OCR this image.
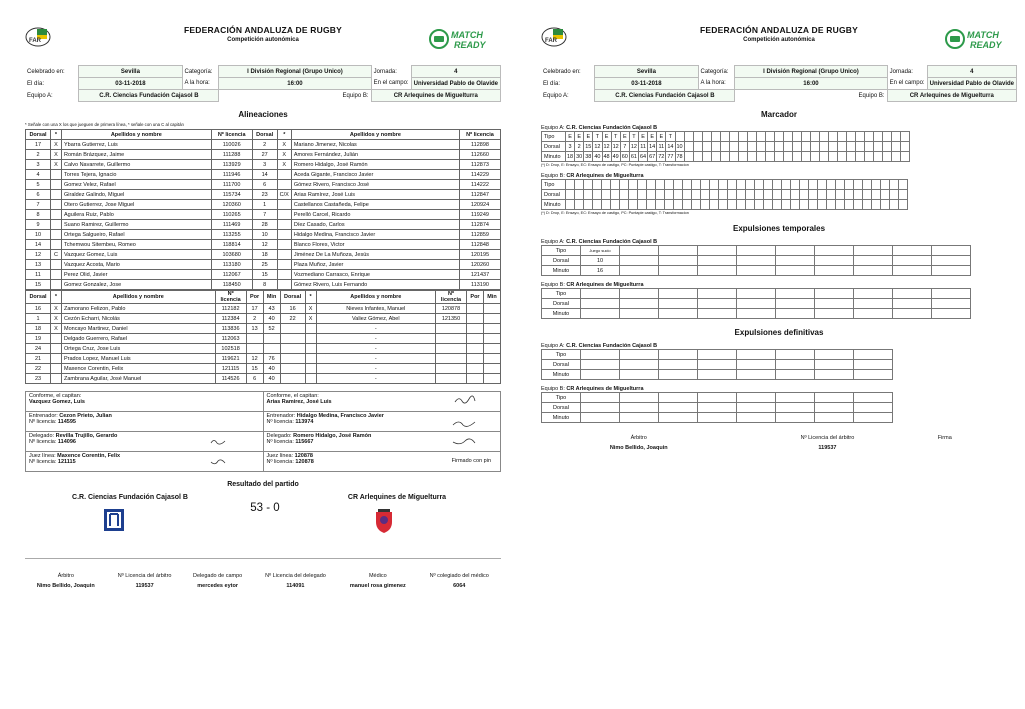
FAR
FEDERACIÓN ANDALUZA DE RUGBY
Competición autonómica	MATCH
READY
Celebrado en:	Sevilla	Categoría:	I División Regional (Grupo Unico)	Jornada:	4
El día:	03-11-2018	A la hora:	16:00	En el campo:	Universidad Pablo de Olavide
Equipo A:	C.R. Ciencias Fundación Cajasol B		Equipo B:	CR Arlequines de Miguelturra	
Alineaciones
* Señale con una X los que jueguen de primera línea, * señale con una C al capitán
Dorsal	*	Apellidos y nombre	Nº licencia	Dorsal	*	Apellidos y nombre	Nº licencia
17	X	Ybarra Gutierrez, Luis	110026	2	X	Mariano Jimenez, Nicolas	112898
2	X	Román Brázquez, Jaime	111288	27	X	Amores Fernández, Julián	112660
3	X	Calvo Navarrete, Guillermo	113929	3	X	Romero Hidalgo, José Ramón	112873
4		Torres Tejera, Ignacio	111946	14		Aceda Gigante, Francisco Javier	114229
5		Gomez Velez, Rafael	111700	6		Gómez Rivero, Francisco José	114222
6		Giraldez Galindo, Miguel	115734	23	C/X	Arias Ramírez, José Luis	112847
7		Otero Gutierrez, Jose Miguel	120360	1		Castellanos Castañeda, Felipe	120924
8		Aguilera Ruiz, Pablo	110265	7		Perelló Carcel, Ricardo	119249
9		Suano Ramirez, Guillermo	111469	28		Díez Casado, Carlos	112874
10		Ortega Salgueiro, Rafael	113255	10		Hidalgo Medina, Francisco Javier	112859
14		Tchemwou Sitembeu, Romeo	118814	12		Blanco Flores, Victor	112848
12	C	Vazquez Gomez, Luis	103680	18		Jiménez De La Muñoza, Jesús	120195
13		Vazquez Acosta, Mario	113180	25		Plaza Muñoz, Javier	120260
11		Perez Olid, Javier	112067	15		Vozmediano Carrasco, Enrique	121437
15		Gomez Gonzalez, Jose	118450	8		Gómez Rivero, Luis Fernando	113190
Dorsal	*	Apellidos y nombre	Nº licencia	Por	Min	Dorsal	*	Apellidos y nombre	Nº licencia	Por	Min
16	X	Zamorano Felizon, Pablo	112182	17	43	16	X	Nieves Infantes, Manuel	120878		
1	X	Cezón Echarri, Nicolás	112384	2	40	22	X	Valiez Gómez, Abel	121350		
18	X	Moncayo Martinez, Daniel	113836	13	52			-			
19		Delgado Guerrero, Rafael	112063					-			
24		Ortega Cruz, Jose Luis	102518					-			
21		Prados Lopez, Manuel Luis	119621	12	76			-			
22		Maxence Corentin, Felix	121115	15	40			-			
23		Zambrana Aguilar, José Manuel	114526	6	40			-			
Conforme, el capitan:
Vazquez Gomez, Luis	Conforme, el capitan:
Arias Ramirez, José Luis

Entrenador: Cezon Prieto, Julian
Nº licencia: 114595	Entrenador: Hidalgo Medina, Francisco Javier
Nº licencia: 113974

Delegado: Revilla Trujillo, Gerardo
Nº licencia: 114096	Delegado: Romero Hidalgo, José Ramón
Nº licencia: 115667

Juez línea: Maxence Corentin, Felix
Nº licencia: 121115	Juez línea: 120878
Nº licencia: 120878 Firmado con pin
Resultado del partido
C.R. Ciencias Fundación Cajasol B
53 - 0
CR Arlequines de Miguelturra
Árbitro	Nº Licencia del árbitro	Delegado de campo	Nº Licencia del delegado	Médico	Nº colegiado del médico
Nimo Bellido, Joaquin	119537	mercedes eytor	114091	manuel rosa gimenez	6064
FAR
FEDERACIÓN ANDALUZA DE RUGBY
Competición autonómica	MATCH
READY
Celebrado en:	Sevilla	Categoría:	I División Regional (Grupo Unico)	Jornada:	4
El día:	03-11-2018	A la hora:	16:00	En el campo:	Universidad Pablo de Olavide
Equipo A:	C.R. Ciencias Fundación Cajasol B		Equipo B:	CR Arlequines de Miguelturra	
Marcador
Equipo A: C.R. Ciencias Fundación Cajasol B
Tipo	E	E	E	T	E	T	E	T	E	E	E	T																										
Dorsal	3	2	15	12	12	12	7	12	11	14	11	14	10																									
Minuto	18	30	38	40	48	49	60	61	64	67	72	77	78																									
(*) D: Drop, E: Ensayo, EC: Ensayo de castigo, PC: Puntapie castigo, T: Transformacion
Equipo B: CR Arlequines de Miguelturra
Tipo																																						
Dorsal																																						
Minuto																																						
(*) D: Drop, E: Ensayo, EC: Ensayo de castigo, PC: Puntapie castigo, T: Transformacion
Expulsiones temporales
Equipo A: C.R. Ciencias Fundación Cajasol B
Tipo	Juego sucio									
Dorsal	10									
Minuto	16									
Equipo B: CR Arlequines de Miguelturra
Tipo										
Dorsal										
Minuto										
Expulsiones definitivas
Equipo A: C.R. Ciencias Fundación Cajasol B
Tipo								
Dorsal								
Minuto								
Equipo B: CR Arlequines de Miguelturra
Tipo								
Dorsal								
Minuto								
Árbitro	Nº Licencia del árbitro	Firma
Nimo Bellido, Joaquin	119537	
